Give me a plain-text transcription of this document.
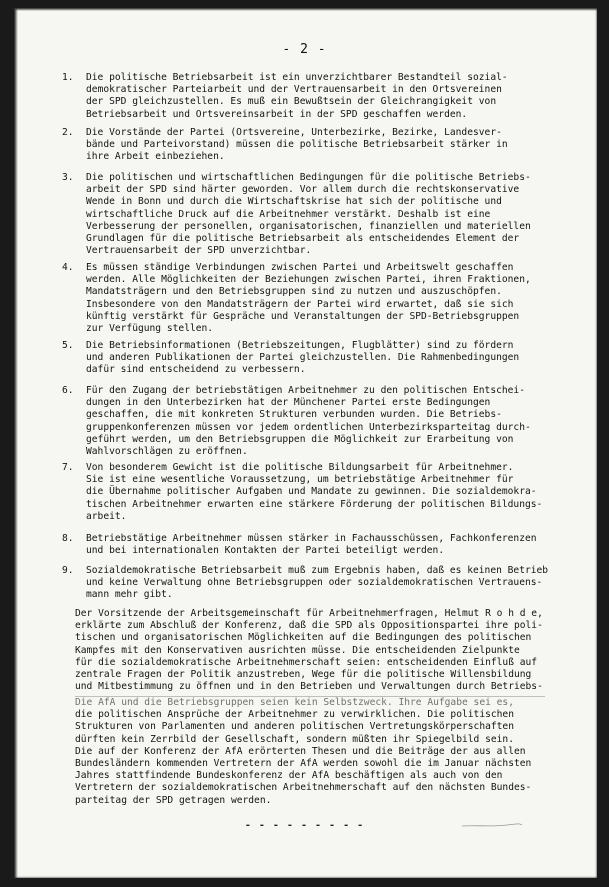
- 2 -
1. Die politische Betriebsarbeit ist ein unverzichtbarer Bestandteil sozial-
demokratischer Parteiarbeit und der Vertrauensarbeit in den Ortsvereinen
der SPD gleichzustellen. Es muß ein Bewußtsein der Gleichrangigkeit von
Betriebsarbeit und Ortsvereinsarbeit in der SPD geschaffen werden.
2. Die Vorstände der Partei (Ortsvereine, Unterbezirke, Bezirke, Landesver-
bände und Parteivorstand) müssen die politische Betriebsarbeit stärker in
ihre Arbeit einbeziehen.
3. Die politischen und wirtschaftlichen Bedingungen für die politische Betriebs-
arbeit der SPD sind härter geworden. Vor allem durch die rechtskonservative
Wende in Bonn und durch die Wirtschaftskrise hat sich der politische und
wirtschaftliche Druck auf die Arbeitnehmer verstärkt. Deshalb ist eine
Verbesserung der personellen, organisatorischen, finanziellen und materiellen
Grundlagen für die politische Betriebsarbeit als entscheidendes Element der
Vertrauensarbeit der SPD unverzichtbar.
4. Es müssen ständige Verbindungen zwischen Partei und Arbeitswelt geschaffen
werden. Alle Möglichkeiten der Beziehungen zwischen Partei, ihren Fraktionen,
Mandatsträgern und den Betriebsgruppen sind zu nutzen und auszuschöpfen.
Insbesondere von den Mandatsträgern der Partei wird erwartet, daß sie sich
künftig verstärkt für Gespräche und Veranstaltungen der SPD-Betriebsgruppen
zur Verfügung stellen.
5. Die Betriebsinformationen (Betriebszeitungen, Flugblätter) sind zu fördern
und anderen Publikationen der Partei gleichzustellen. Die Rahmenbedingungen
dafür sind entscheidend zu verbessern.
6. Für den Zugang der betriebstätigen Arbeitnehmer zu den politischen Entschei-
dungen in den Unterbezirken hat der Münchener Partei erste Bedingungen
geschaffen, die mit konkreten Strukturen verbunden wurden. Die Betriebs-
gruppenkonferenzen müssen vor jedem ordentlichen Unterbezirksparteitag durch-
geführt werden, um den Betriebsgruppen die Möglichkeit zur Erarbeitung von
Wahlvorschlägen zu eröffnen.
7. Von besonderem Gewicht ist die politische Bildungsarbeit für Arbeitnehmer.
Sie ist eine wesentliche Voraussetzung, um betriebstätige Arbeitnehmer für
die Übernahme politischer Aufgaben und Mandate zu gewinnen. Die sozialdemokra-
tischen Arbeitnehmer erwarten eine stärkere Förderung der politischen Bildungs-
arbeit.
8. Betriebstätige Arbeitnehmer müssen stärker in Fachausschüssen, Fachkonferenzen
und bei internationalen Kontakten der Partei beteiligt werden.
9. Sozialdemokratische Betriebsarbeit muß zum Ergebnis haben, daß es keinen Betrieb
und keine Verwaltung ohne Betriebsgruppen oder sozialdemokratischen Vertrauens-
mann mehr gibt.
Der Vorsitzende der Arbeitsgemeinschaft für Arbeitnehmerfragen, Helmut R o h d e,
erklärte zum Abschluß der Konferenz, daß die SPD als Oppositionspartei ihre poli-
tischen und organisatorischen Möglichkeiten auf die Bedingungen des politischen
Kampfes mit den Konservativen ausrichten müsse. Die entscheidenden Zielpunkte
für die sozialdemokratische Arbeitnehmerschaft seien: entscheidenden Einfluß auf
zentrale Fragen der Politik anzustreben, Wege für die politische Willensbildung
und Mitbestimmung zu öffnen und in den Betrieben und Verwaltungen durch Betriebs-
Die AfA und die Betriebsgruppen seien kein Selbstzweck. Ihre Aufgabe sei es,
die politischen Ansprüche der Arbeitnehmer zu verwirklichen. Die politischen
Strukturen von Parlamenten und anderen politischen Vertretungskörperschaften
dürften kein Zerrbild der Gesellschaft, sondern müßten ihr Spiegelbild sein.
Die auf der Konferenz der AfA erörterten Thesen und die Beiträge der aus allen
Bundesländern kommenden Vertretern der AfA werden sowohl die im Januar nächsten
Jahres stattfindende Bundeskonferenz der AfA beschäftigen als auch von den
Vertretern der sozialdemokratischen Arbeitnehmerschaft auf den nächsten Bundes-
parteitag der SPD getragen werden.
- - - - - - - - -
